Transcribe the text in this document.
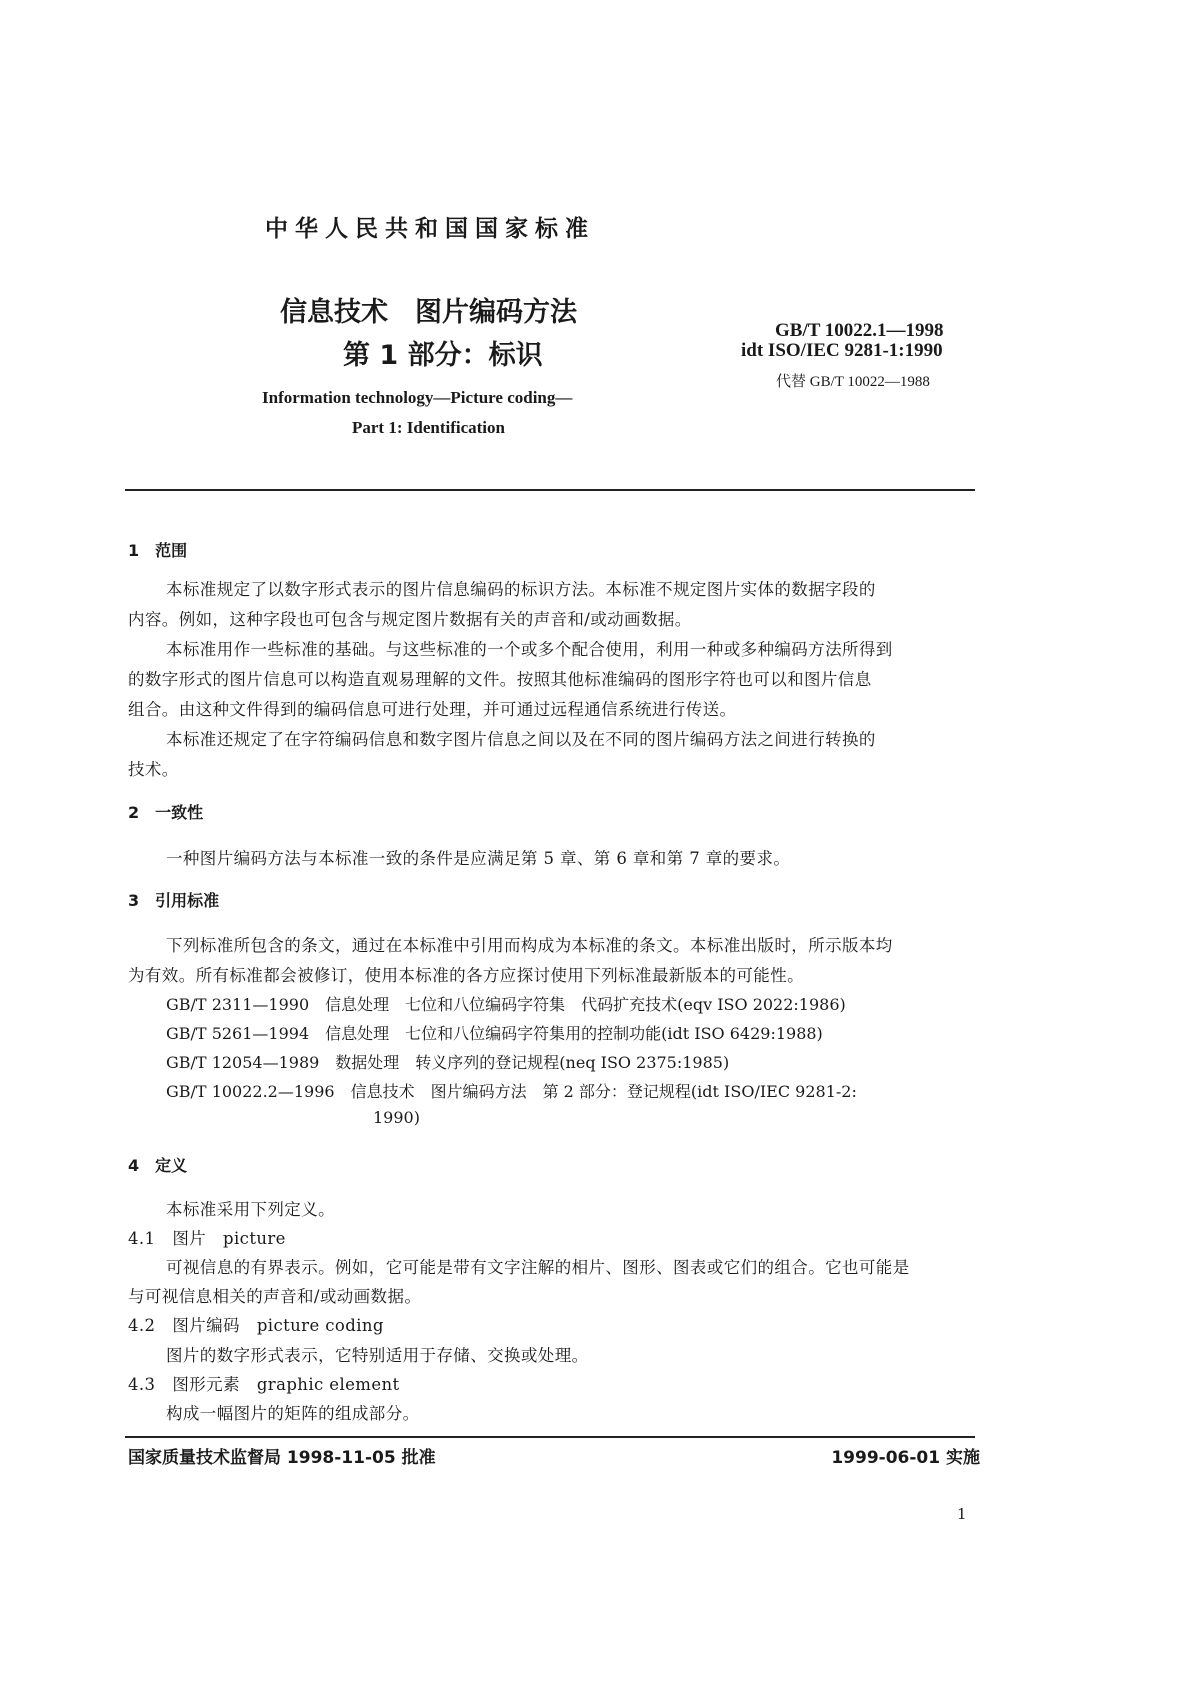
中华人民共和国国家标准
信息技术　图片编码方法
第 1 部分：标识
GB/T 10022.1—1998
idt ISO/IEC 9281-1:1990
代替 GB/T 10022—1988
Information technology—Picture coding—
Part 1: Identification
1　范围
本标准规定了以数字形式表示的图片信息编码的标识方法。本标准不规定图片实体的数据字段的
内容。例如，这种字段也可包含与规定图片数据有关的声音和/或动画数据。
本标准用作一些标准的基础。与这些标准的一个或多个配合使用，利用一种或多种编码方法所得到
的数字形式的图片信息可以构造直观易理解的文件。按照其他标准编码的图形字符也可以和图片信息
组合。由这种文件得到的编码信息可进行处理，并可通过远程通信系统进行传送。
本标准还规定了在字符编码信息和数字图片信息之间以及在不同的图片编码方法之间进行转换的
技术。
2　一致性
一种图片编码方法与本标准一致的条件是应满足第 5 章、第 6 章和第 7 章的要求。
3　引用标准
下列标准所包含的条文，通过在本标准中引用而构成为本标准的条文。本标准出版时，所示版本均
为有效。所有标准都会被修订，使用本标准的各方应探讨使用下列标准最新版本的可能性。
GB/T 2311—1990　信息处理　七位和八位编码字符集　代码扩充技术(eqv ISO 2022:1986)
GB/T 5261—1994　信息处理　七位和八位编码字符集用的控制功能(idt ISO 6429:1988)
GB/T 12054—1989　数据处理　转义序列的登记规程(neq ISO 2375:1985)
GB/T 10022.2—1996　信息技术　图片编码方法　第 2 部分：登记规程(idt ISO/IEC 9281-2:
1990)
4　定义
本标准采用下列定义。
4.1　图片　picture
可视信息的有界表示。例如，它可能是带有文字注解的相片、图形、图表或它们的组合。它也可能是
与可视信息相关的声音和/或动画数据。
4.2　图片编码　picture coding
图片的数字形式表示，它特别适用于存储、交换或处理。
4.3　图形元素　graphic element
构成一幅图片的矩阵的组成部分。
国家质量技术监督局 1998-11-05 批准	1999-06-01 实施
1
